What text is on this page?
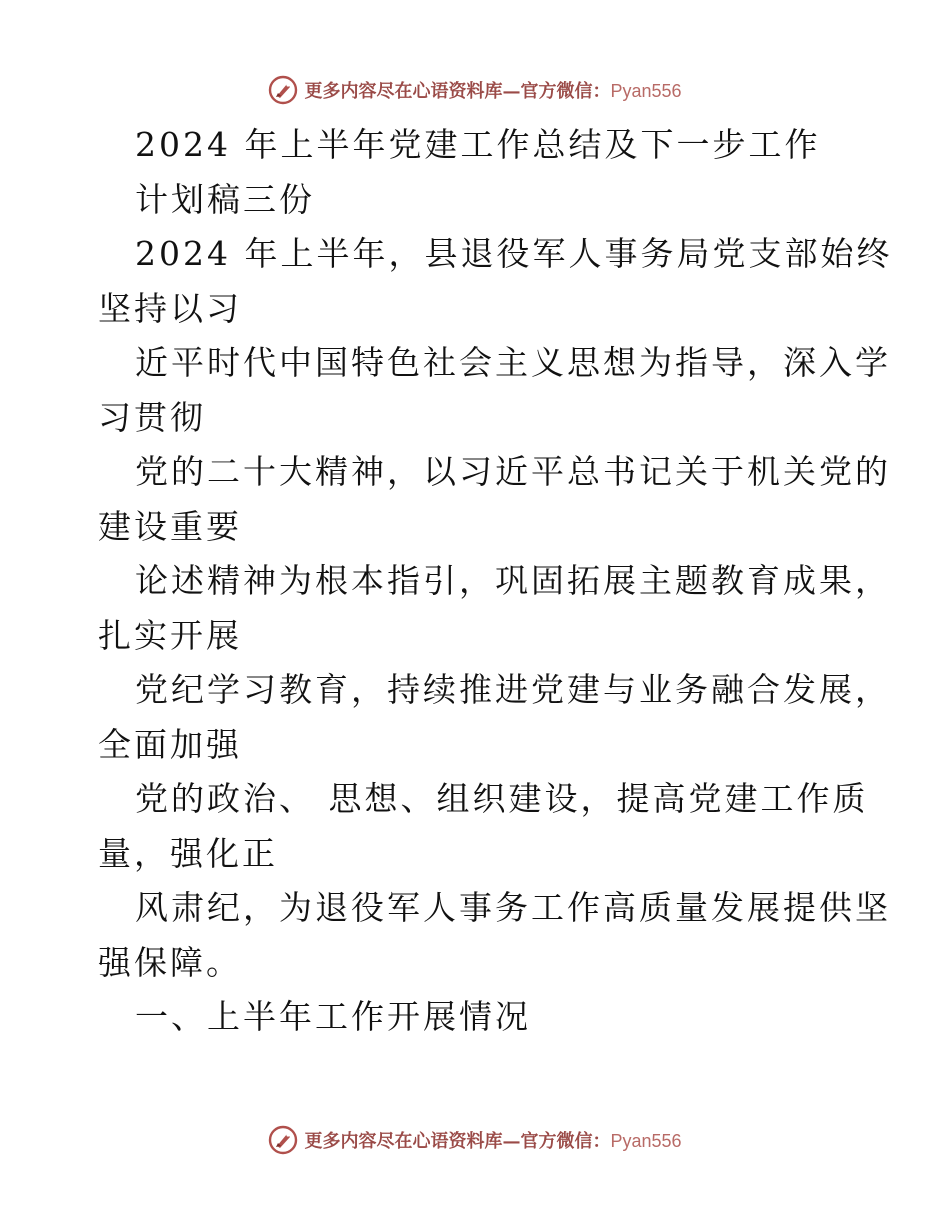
更多内容尽在心语资料库—官方微信：Pyan556
2024 年上半年党建工作总结及下一步工作
计划稿三份
2024 年上半年，县退役军人事务局党支部始终
坚持以习
近平时代中国特色社会主义思想为指导，深入学
习贯彻
党的二十大精神，以习近平总书记关于机关党的
建设重要
论述精神为根本指引，巩固拓展主题教育成果，
扎实开展
党纪学习教育，持续推进党建与业务融合发展，
全面加强
党的政治、 思想、组织建设，提高党建工作质
量，强化正
风肃纪，为退役军人事务工作高质量发展提供坚
强保障。
一、上半年工作开展情况
更多内容尽在心语资料库—官方微信：Pyan556
